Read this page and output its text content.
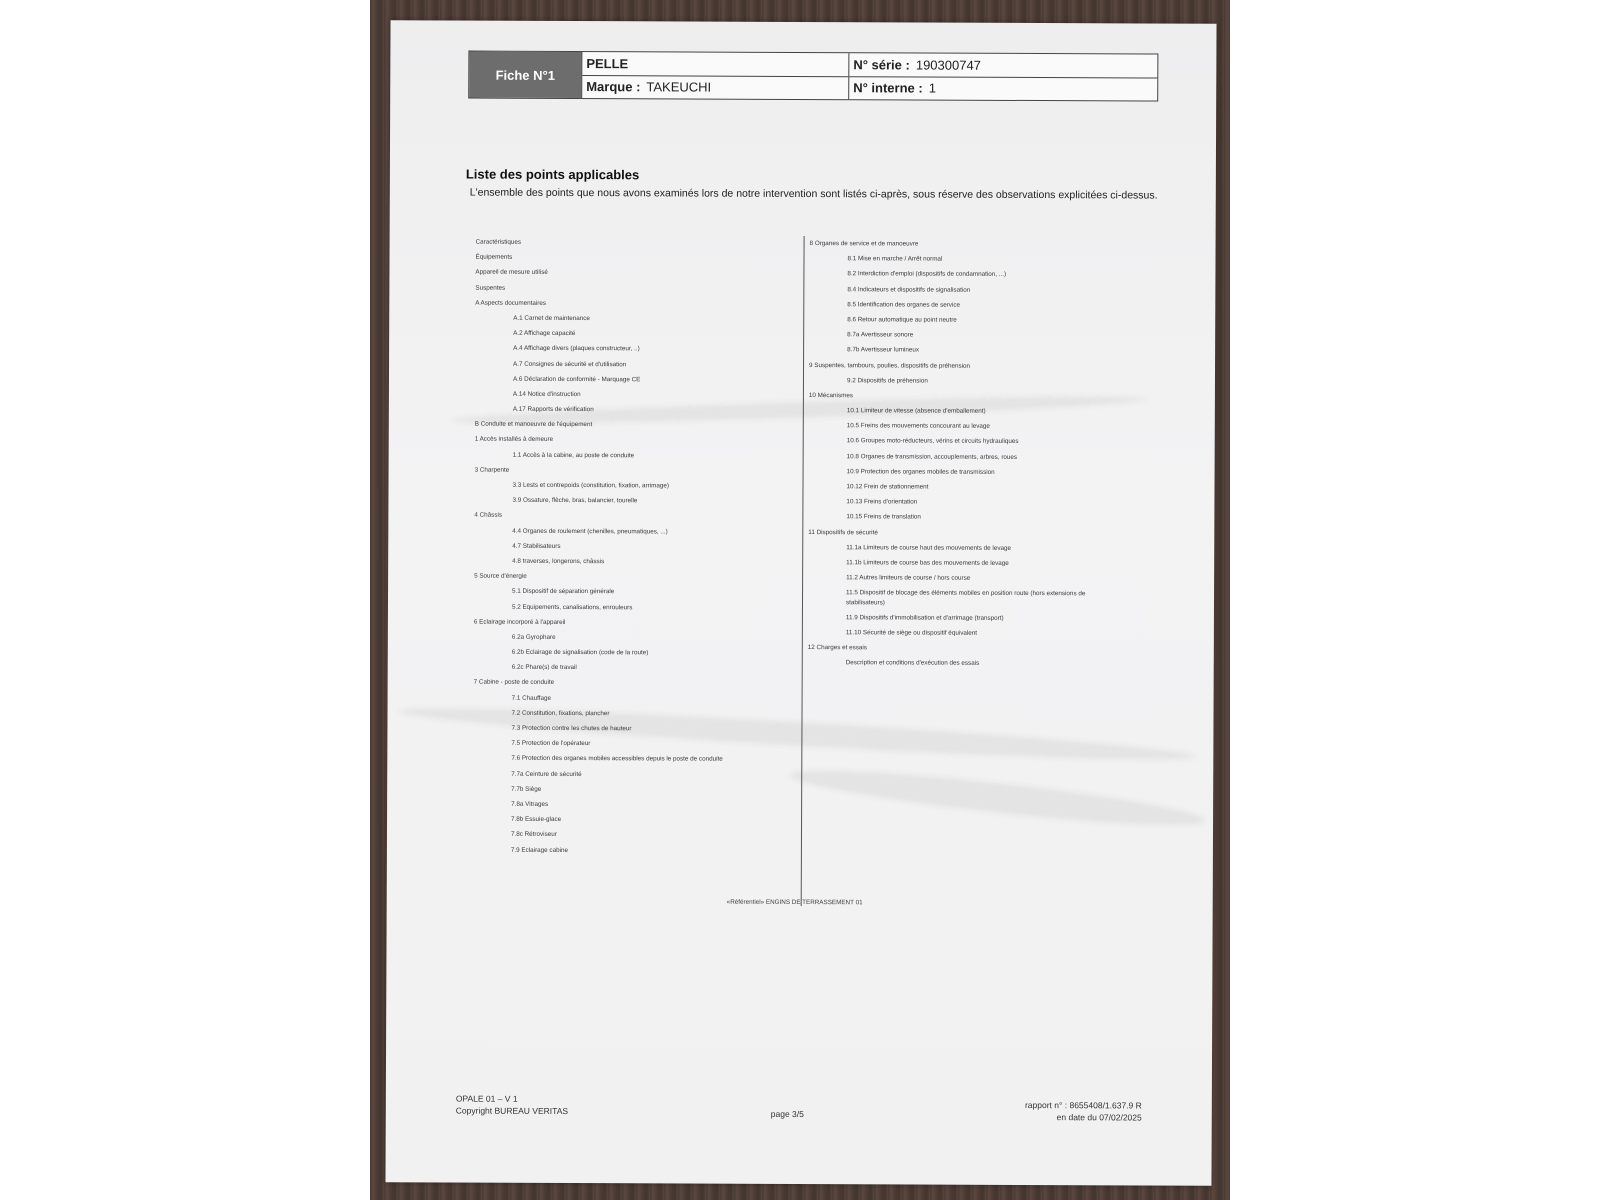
Fiche N°1
PELLE
Marque : TAKEUCHI
N° série : 190300747
N° interne : 1
Liste des points applicables
L'ensemble des points que nous avons examinés lors de notre intervention sont listés ci-après, sous réserve des observations explicitées ci-dessus.
Caractéristiques
Équipements
Appareil de mesure utilisé
Suspentes
A Aspects documentaires
A.1 Carnet de maintenance
A.2 Affichage capacité
A.4 Affichage divers (plaques constructeur, ..)
A.7 Consignes de sécurité et d'utilisation
A.6 Déclaration de conformité - Marquage CE
A.14 Notice d'instruction
A.17 Rapports de vérification
B Conduite et manoeuvre de l'équipement
1 Accès installés à demeure
1.1 Accès à la cabine, au poste de conduite
3 Charpente
3.3 Lests et contrepoids (constitution, fixation, arrimage)
3.9 Ossature, flèche, bras, balancier, tourelle
4 Châssis
4.4 Organes de roulement (chenilles, pneumatiques, ...)
4.7 Stabilisateurs
4.8 traverses, longerons, châssis
5 Source d'énergie
5.1 Dispositif de séparation générale
5.2 Equipements, canalisations, enrouleurs
6 Eclairage incorporé à l'appareil
6.2a Gyrophare
6.2b Eclairage de signalisation (code de la route)
6.2c Phare(s) de travail
7 Cabine - poste de conduite
7.1 Chauffage
7.2 Constitution, fixations, plancher
7.3 Protection contre les chutes de hauteur
7.5 Protection de l'opérateur
7.6 Protection des organes mobiles accessibles depuis le poste de conduite
7.7a Ceinture de sécurité
7.7b Siège
7.8a Vitrages
7.8b Essuie-glace
7.8c Rétroviseur
7.9 Eclairage cabine
8 Organes de service et de manoeuvre
8.1 Mise en marche / Arrêt normal
8.2 Interdiction d'emploi (dispositifs de condamnation, ...)
8.4 Indicateurs et dispositifs de signalisation
8.5 Identification des organes de service
8.6 Retour automatique au point neutre
8.7a Avertisseur sonore
8.7b Avertisseur lumineux
9 Suspentes, tambours, poulies, dispositifs de préhension
9.2 Dispositifs de préhension
10 Mécanismes
10.1 Limiteur de vitesse (absence d'emballement)
10.5 Freins des mouvements concourant au levage
10.6 Groupes moto-réducteurs, vérins et circuits hydrauliques
10.8 Organes de transmission, accouplements, arbres, roues
10.9 Protection des organes mobiles de transmission
10.12 Frein de stationnement
10.13 Freins d'orientation
10.15 Freins de translation
11 Dispositifs de sécurité
11.1a Limiteurs de course haut des mouvements de levage
11.1b Limiteurs de course bas des mouvements de levage
11.2 Autres limiteurs de course / hors course
11.5 Dispositif de blocage des éléments mobiles en position route (hors extensions de
stabilisateurs)
11.9 Dispositifs d'immobilisation et d'arrimage (transport)
11.10 Sécurité de siège ou dispositif équivalent
12 Charges et essais
Description et conditions d'exécution des essais
«Référentiel» ENGINS DE TERRASSEMENT 01
OPALE 01 – V 1
Copyright BUREAU VERITAS	page 3/5
rapport n° : 8655408/1.637.9 R
en date du 07/02/2025
